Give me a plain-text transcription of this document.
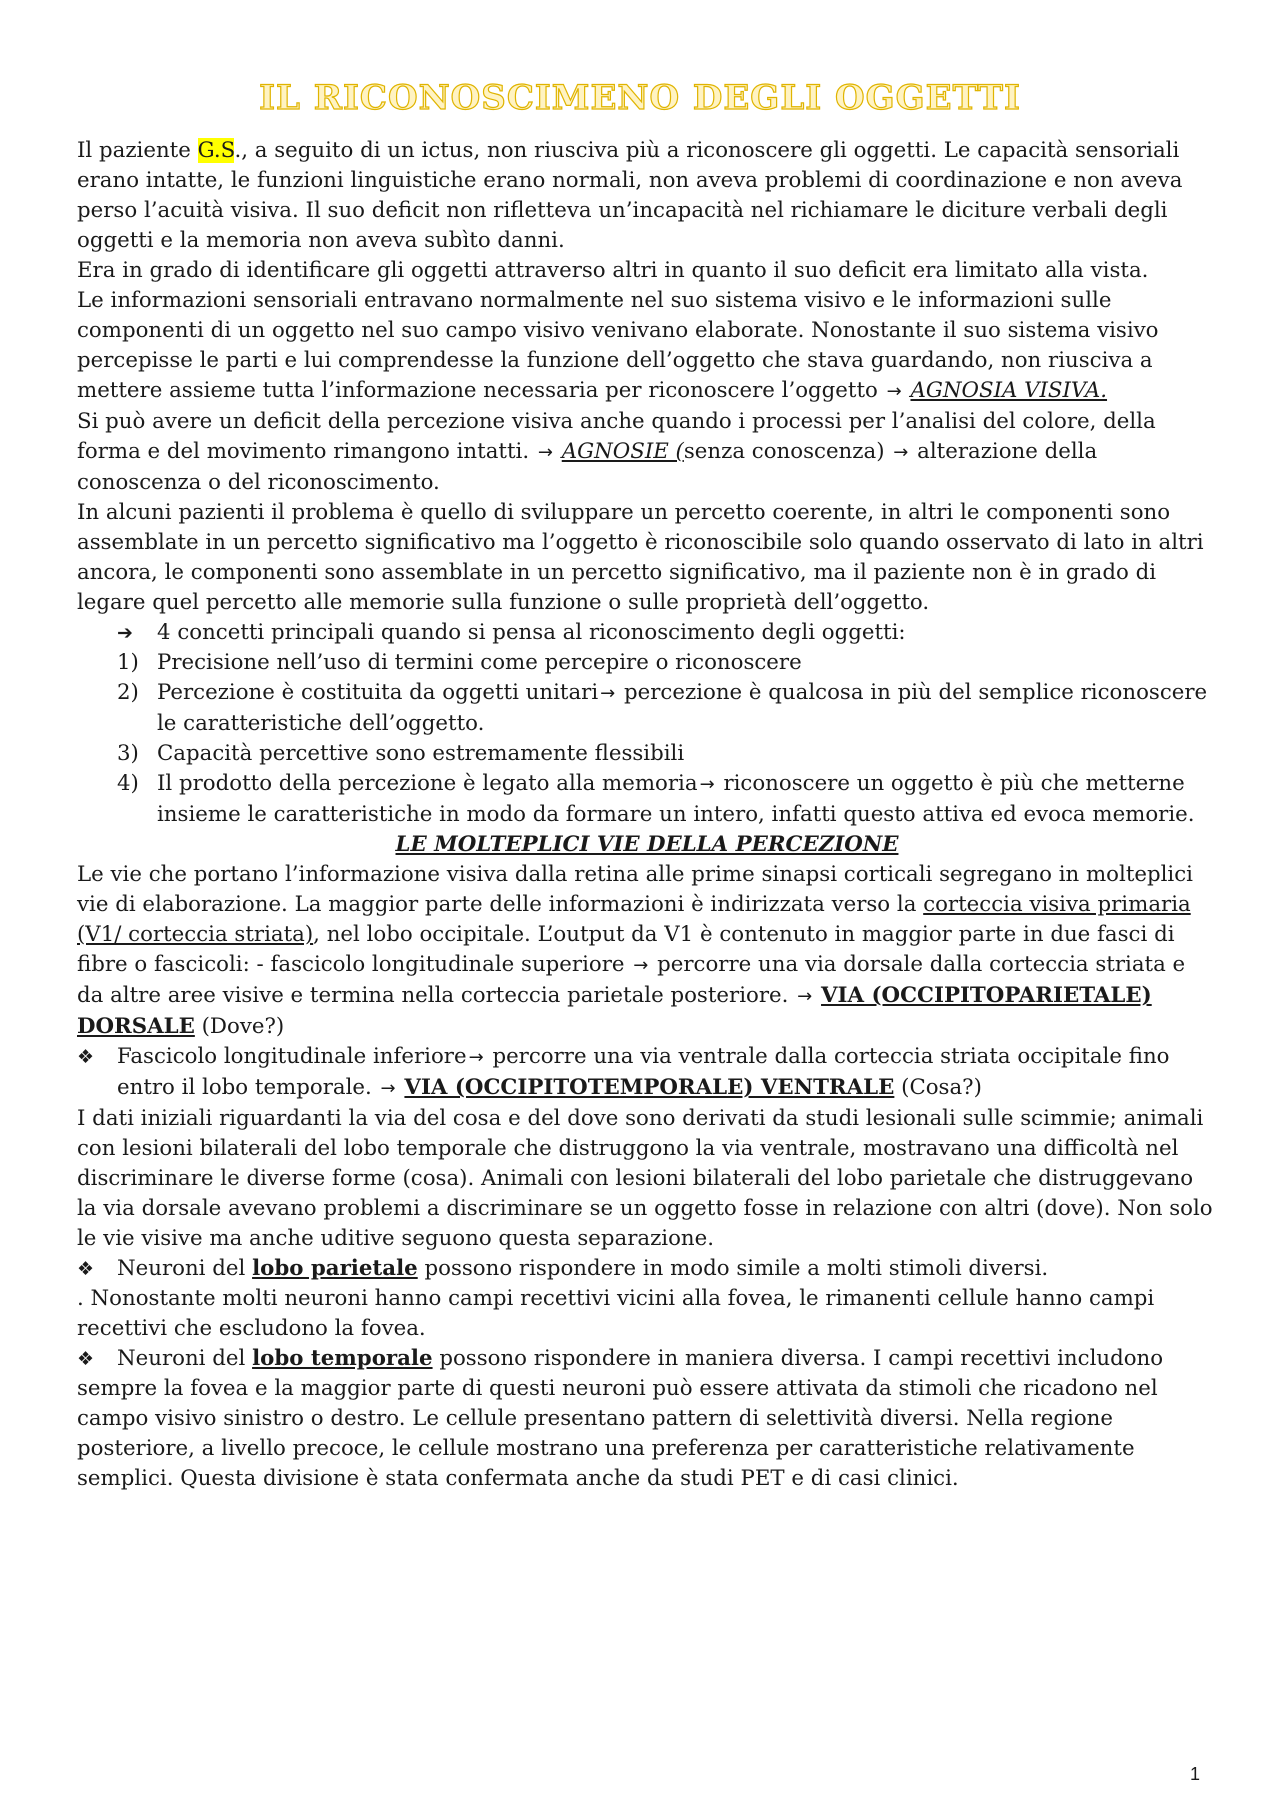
IL RICONOSCIMENO DEGLI OGGETTI

Il paziente G.S., a seguito di un ictus, non riusciva più a riconoscere gli oggetti. Le capacità sensoriali erano intatte, le funzioni linguistiche erano normali, non aveva problemi di coordinazione e non aveva perso l’acuità visiva. Il suo deficit non rifletteva un’incapacità nel richiamare le diciture verbali degli oggetti e la memoria non aveva subìto danni.

Era in grado di identificare gli oggetti attraverso altri in quanto il suo deficit era limitato alla vista.

Le informazioni sensoriali entravano normalmente nel suo sistema visivo e le informazioni sulle componenti di un oggetto nel suo campo visivo venivano elaborate. Nonostante il suo sistema visivo percepisse le parti e lui comprendesse la funzione dell’oggetto che stava guardando, non riusciva a mettere assieme tutta l’informazione necessaria per riconoscere l’oggetto → AGNOSIA VISIVA.

Si può avere un deficit della percezione visiva anche quando i processi per l’analisi del colore, della forma e del movimento rimangono intatti. → AGNOSIE (senza conoscenza) → alterazione della conoscenza o del riconoscimento.

In alcuni pazienti il problema è quello di sviluppare un percetto coerente, in altri le componenti sono assemblate in un percetto significativo ma l’oggetto è riconoscibile solo quando osservato di lato in altri ancora, le componenti sono assemblate in un percetto significativo, ma il paziente non è in grado di legare quel percetto alle memorie sulla funzione o sulle proprietà dell’oggetto.

➔	4 concetti principali quando si pensa al riconoscimento degli oggetti:
1) Precisione nell’uso di termini come percepire o riconoscere
2) Percezione è costituita da oggetti unitari → percezione è qualcosa in più del semplice riconoscere le caratteristiche dell’oggetto.
3) Capacità percettive sono estremamente flessibili
4) Il prodotto della percezione è legato alla memoria → riconoscere un oggetto è più che metterne insieme le caratteristiche in modo da formare un intero, infatti questo attiva ed evoca memorie.

LE MOLTEPLICI VIE DELLA PERCEZIONE

Le vie che portano l’informazione visiva dalla retina alle prime sinapsi corticali segregano in molteplici vie di elaborazione. La maggior parte delle informazioni è indirizzata verso la corteccia visiva primaria (V1/ corteccia striata), nel lobo occipitale. L’output da V1 è contenuto in maggior parte in due fasci di fibre o fascicoli: - fascicolo longitudinale superiore → percorre una via dorsale dalla corteccia striata e da altre aree visive e termina nella corteccia parietale posteriore. → VIA (OCCIPITOPARIETALE) DORSALE (Dove?)

❖	Fascicolo longitudinale inferiore → percorre una via ventrale dalla corteccia striata occipitale fino entro il lobo temporale. → VIA (OCCIPITOTEMPORALE) VENTRALE (Cosa?)

I dati iniziali riguardanti la via del cosa e del dove sono derivati da studi lesionali sulle scimmie; animali con lesioni bilaterali del lobo temporale che distruggono la via ventrale, mostravano una difficoltà nel discriminare le diverse forme (cosa). Animali con lesioni bilaterali del lobo parietale che distruggevano la via dorsale avevano problemi a discriminare se un oggetto fosse in relazione con altri (dove). Non solo le vie visive ma anche uditive seguono questa separazione.

❖	Neuroni del lobo parietale possono rispondere in modo simile a molti stimoli diversi.

. Nonostante molti neuroni hanno campi recettivi vicini alla fovea, le rimanenti cellule hanno campi recettivi che escludono la fovea.

❖	Neuroni del lobo temporale possono rispondere in maniera diversa. I campi recettivi includono

sempre la fovea e la maggior parte di questi neuroni può essere attivata da stimoli che ricadono nel campo visivo sinistro o destro. Le cellule presentano pattern di selettività diversi. Nella regione posteriore, a livello precoce, le cellule mostrano una preferenza per caratteristiche relativamente semplici. Questa divisione è stata confermata anche da studi PET e di casi clinici.

1
